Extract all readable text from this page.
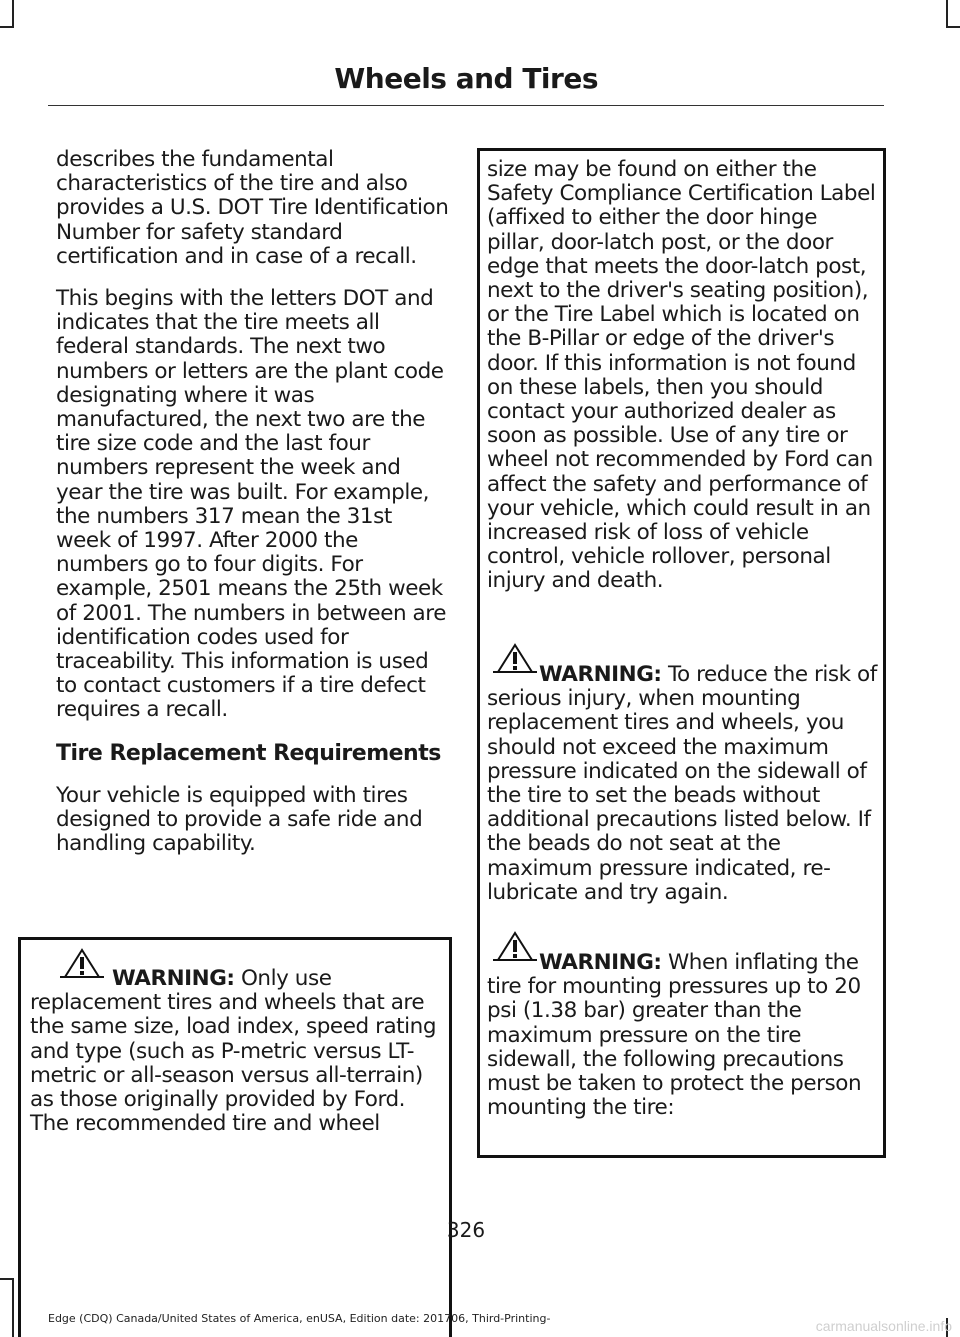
Wheels and Tires

describes the fundamental characteristics of the tire and also provides a U.S. DOT Tire Identification Number for safety standard certification and in case of a recall.

This begins with the letters DOT and indicates that the tire meets all federal standards. The next two numbers or letters are the plant code designating where it was manufactured, the next two are the tire size code and the last four numbers represent the week and year the tire was built. For example, the numbers 317 mean the 31st week of 1997. After 2000 the numbers go to four digits. For example, 2501 means the 25th week of 2001. The numbers in between are identification codes used for traceability. This information is used to contact customers if a tire defect requires a recall.

Tire Replacement Requirements

Your vehicle is equipped with tires designed to provide a safe ride and handling capability.

WARNING: Only use replacement tires and wheels that are the same size, load index, speed rating and type (such as P-metric versus LT-metric or all-season versus all-terrain) as those originally provided by Ford. The recommended tire and wheel

size may be found on either the Safety Compliance Certification Label (affixed to either the door hinge pillar, door-latch post, or the door edge that meets the door-latch post, next to the driver's seating position), or the Tire Label which is located on the B-Pillar or edge of the driver's door. If this information is not found on these labels, then you should contact your authorized dealer as soon as possible. Use of any tire or wheel not recommended by Ford can affect the safety and performance of your vehicle, which could result in an increased risk of loss of vehicle control, vehicle rollover, personal injury and death.

WARNING: To reduce the risk of serious injury, when mounting replacement tires and wheels, you should not exceed the maximum pressure indicated on the sidewall of the tire to set the beads without additional precautions listed below. If the beads do not seat at the maximum pressure indicated, re-lubricate and try again.
WARNING: When inflating the tire for mounting pressures up to 20 psi (1.38 bar) greater than the maximum pressure on the tire sidewall, the following precautions must be taken to protect the person mounting the tire:
326
Edge (CDQ) Canada/United States of America, enUSA, Edition date: 201706, Third-Printing-	carmanualsonline.info
